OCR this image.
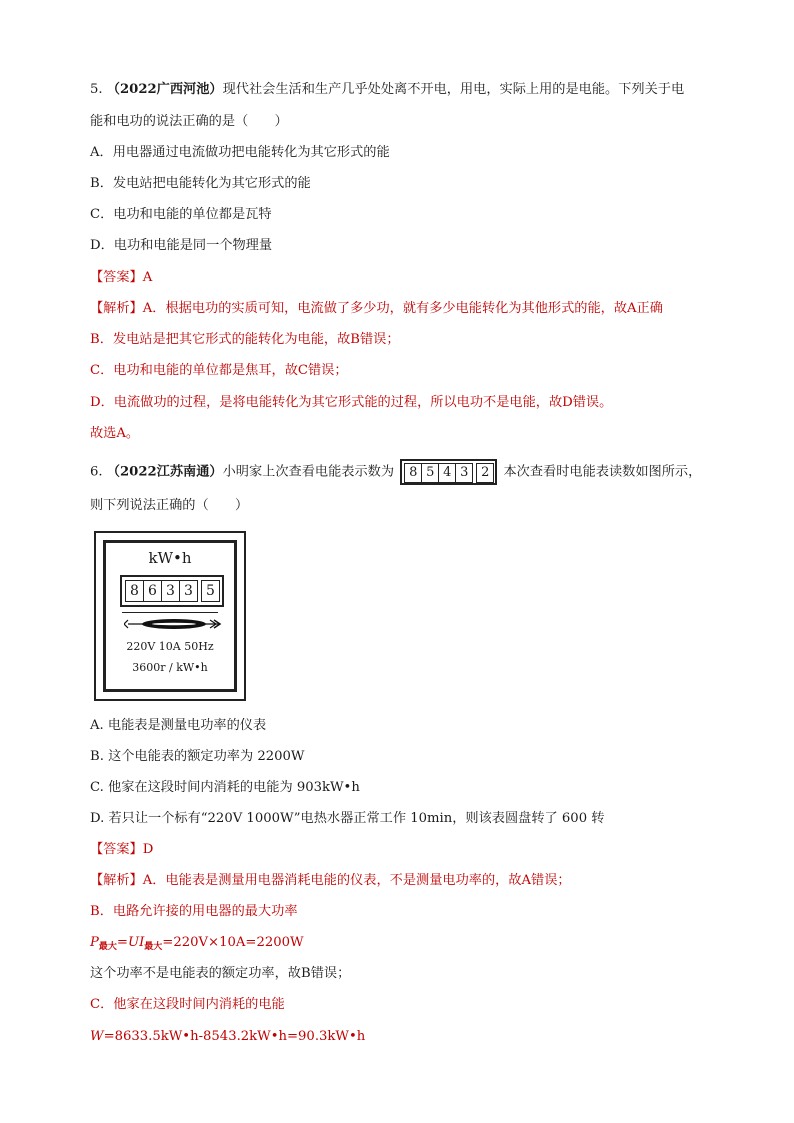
5. （2022广西河池）现代社会生活和生产几乎处处离不开电，用电，实际上用的是电能。下列关于电
能和电功的说法正确的是（　　）
A．用电器通过电流做功把电能转化为其它形式的能
B．发电站把电能转化为其它形式的能
C．电功和电能的单位都是瓦特
D．电功和电能是同一个物理量
【答案】A
【解析】A．根据电功的实质可知，电流做了多少功，就有多少电能转化为其他形式的能，故A正确
B．发电站是把其它形式的能转化为电能，故B错误；
C．电功和电能的单位都是焦耳，故C错误；
D．电流做功的过程，是将电能转化为其它形式能的过程，所以电功不是电能，故D错误。
故选A。
6. （2022江苏南通）小明家上次查看电能表示数为	8 5 4 3 2	本次查看时电能表读数如图所示，
则下列说法正确的（　　）
kW•h
8 6 3 3 5
220V 10A 50Hz
3600r / kW•h
A. 电能表是测量电功率的仪表
B. 这个电能表的额定功率为 2200W
C. 他家在这段时间内消耗的电能为 903kW•h
D. 若只让一个标有“220V 1000W”电热水器正常工作 10min，则该表圆盘转了 600 转
【答案】D
【解析】A．电能表是测量用电器消耗电能的仪表，不是测量电功率的，故A错误；
B．电路允许接的用电器的最大功率
$P_{最大}=UI_{最大}=220V\times 10A=2200W$
这个功率不是电能表的额定功率，故B错误；
C．他家在这段时间内消耗的电能
W=8633.5kW•h-8543.2kW•h=90.3kW•h
